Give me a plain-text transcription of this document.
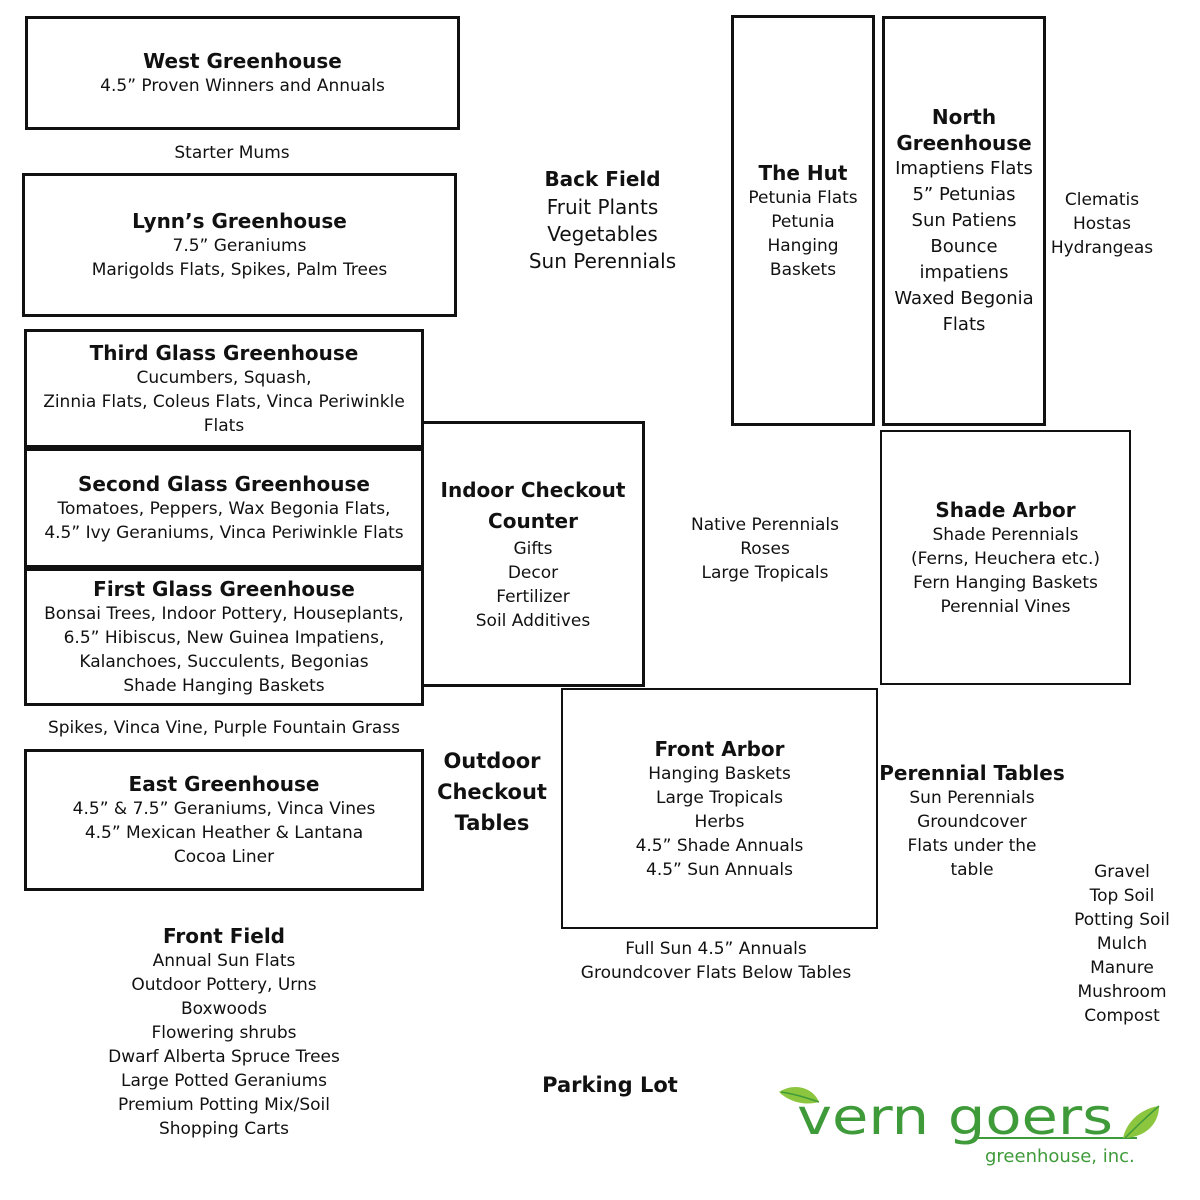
West Greenhouse
4.5” Proven Winners and Annuals
Starter Mums
Lynn’s Greenhouse
7.5” Geraniums
Marigolds Flats, Spikes, Palm Trees
Third Glass Greenhouse
Cucumbers, Squash,
Zinnia Flats, Coleus Flats, Vinca Periwinkle
Flats
Second Glass Greenhouse
Tomatoes, Peppers, Wax Begonia Flats,
4.5” Ivy Geraniums, Vinca Periwinkle Flats
First Glass Greenhouse
Bonsai Trees, Indoor Pottery, Houseplants,
6.5” Hibiscus, New Guinea Impatiens,
Kalanchoes, Succulents, Begonias
Shade Hanging Baskets
Spikes, Vinca Vine, Purple Fountain Grass
East Greenhouse
4.5” & 7.5” Geraniums, Vinca Vines
4.5” Mexican Heather & Lantana
Cocoa Liner
Indoor Checkout
Counter
Gifts
Decor
Fertilizer
Soil Additives
Back Field
Fruit Plants
Vegetables
Sun Perennials
The Hut
Petunia Flats
Petunia
Hanging
Baskets
North
Greenhouse
Imaptiens Flats
5” Petunias
Sun Patiens
Bounce
impatiens
Waxed Begonia
Flats
Clematis
Hostas
Hydrangeas
Native Perennials
Roses
Large Tropicals
Shade Arbor
Shade Perennials
(Ferns, Heuchera etc.)
Fern Hanging Baskets
Perennial Vines
Outdoor
Checkout
Tables
Front Arbor
Hanging Baskets
Large Tropicals
Herbs
4.5” Shade Annuals
4.5” Sun Annuals
Perennial Tables
Sun Perennials
Groundcover
Flats under the
table
Full Sun 4.5” Annuals
Groundcover Flats Below Tables
Gravel
Top Soil
Potting Soil
Mulch
Manure
Mushroom
Compost
Front Field
Annual Sun Flats
Outdoor Pottery, Urns
Boxwoods
Flowering shrubs
Dwarf Alberta Spruce Trees
Large Potted Geraniums
Premium Potting Mix/Soil
Shopping Carts
Parking Lot
vern goers
greenhouse, inc.
